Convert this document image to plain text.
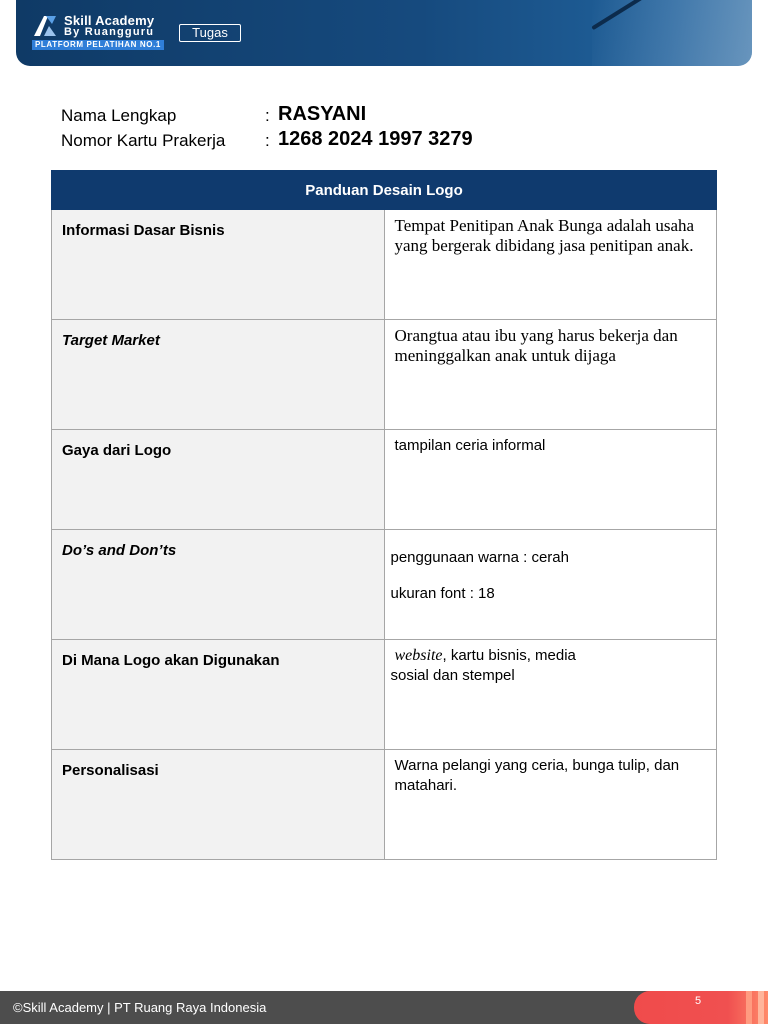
Skill Academy
By Ruangguru
PLATFORM PELATIHAN NO.1
Tugas
Nama Lengkap	: RASYANI
Nomor Kartu Prakerja	: 1268 2024 1997 3279
Panduan Desain Logo	
Informasi Dasar Bisnis	Tempat Penitipan Anak Bunga adalah usaha yang bergerak dibidang jasa penitipan anak.

Target Market	Orangtua atau ibu yang harus bekerja dan meninggalkan anak untuk dijaga

Gaya dari Logo	tampilan ceria informal

Do’s and Don’ts	penggunaan warna : cerah
ukuran font : 18

Di Mana Logo akan Digunakan	website, kartu bisnis, media
sosial dan stempel

Personalisasi	Warna pelangi yang ceria, bunga tulip, dan matahari.
©Skill Academy | PT Ruang Raya Indonesia	5
